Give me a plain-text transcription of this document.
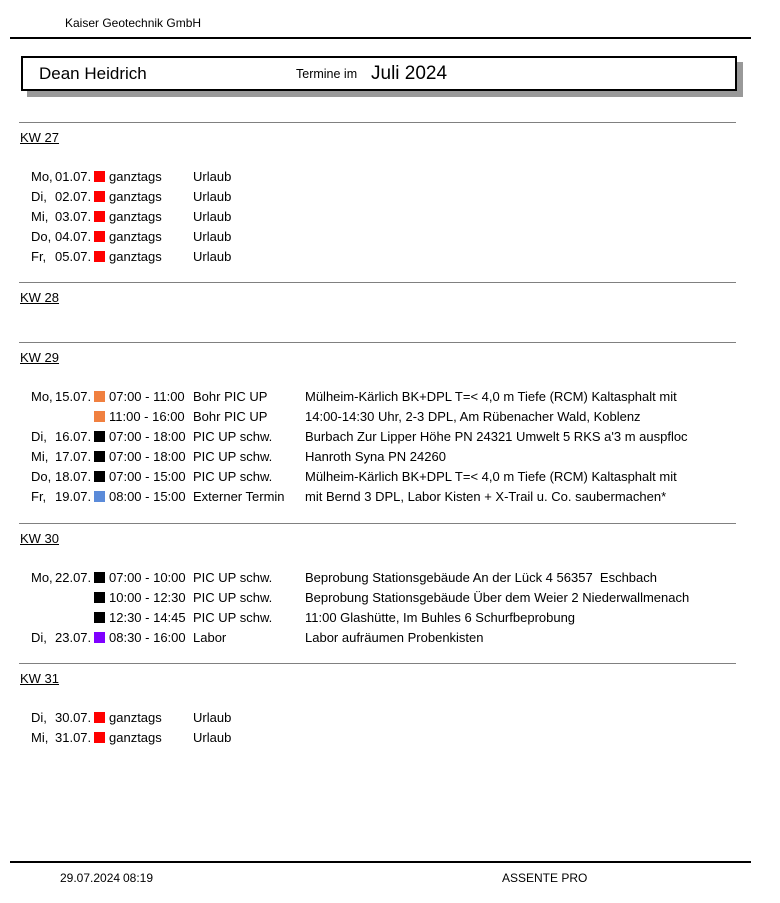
Kaiser Geotechnik GmbH
Dean Heidrich	Termine im Juli 2024
KW 27
Mo, 01.07. ganztags	Urlaub
Di, 02.07. ganztags	Urlaub
Mi, 03.07. ganztags	Urlaub
Do, 04.07. ganztags	Urlaub
Fr, 05.07. ganztags	Urlaub
KW 28
KW 29
Mo, 15.07. 07:00 - 11:00 Bohr PIC UP	Mülheim-Kärlich BK+DPL T=< 4,0 m Tiefe (RCM) Kaltasphalt mit
11:00 - 16:00 Bohr PIC UP	14:00-14:30 Uhr, 2-3 DPL, Am Rübenacher Wald, Koblenz
Di, 16.07. 07:00 - 18:00 PIC UP schw.	Burbach Zur Lipper Höhe PN 24321 Umwelt 5 RKS a'3 m auspfloc
Mi, 17.07. 07:00 - 18:00 PIC UP schw.	Hanroth Syna PN 24260
Do, 18.07. 07:00 - 15:00 PIC UP schw.	Mülheim-Kärlich BK+DPL T=< 4,0 m Tiefe (RCM) Kaltasphalt mit
Fr, 19.07. 08:00 - 15:00 Externer Termin	mit Bernd 3 DPL, Labor Kisten + X-Trail u. Co. saubermachen*
KW 30
Mo, 22.07. 07:00 - 10:00 PIC UP schw.	Beprobung Stationsgebäude An der Lück 4 56357  Eschbach
10:00 - 12:30 PIC UP schw.	Beprobung Stationsgebäude Über dem Weier 2 Niederwallmenach
12:30 - 14:45 PIC UP schw.	11:00 Glashütte, Im Buhles 6 Schurfbeprobung
Di, 23.07. 08:30 - 16:00 Labor	Labor aufräumen Probenkisten
KW 31
Di, 30.07. ganztags	Urlaub
Mi, 31.07. ganztags	Urlaub
29.07.2024 08:19	ASSENTE PRO
